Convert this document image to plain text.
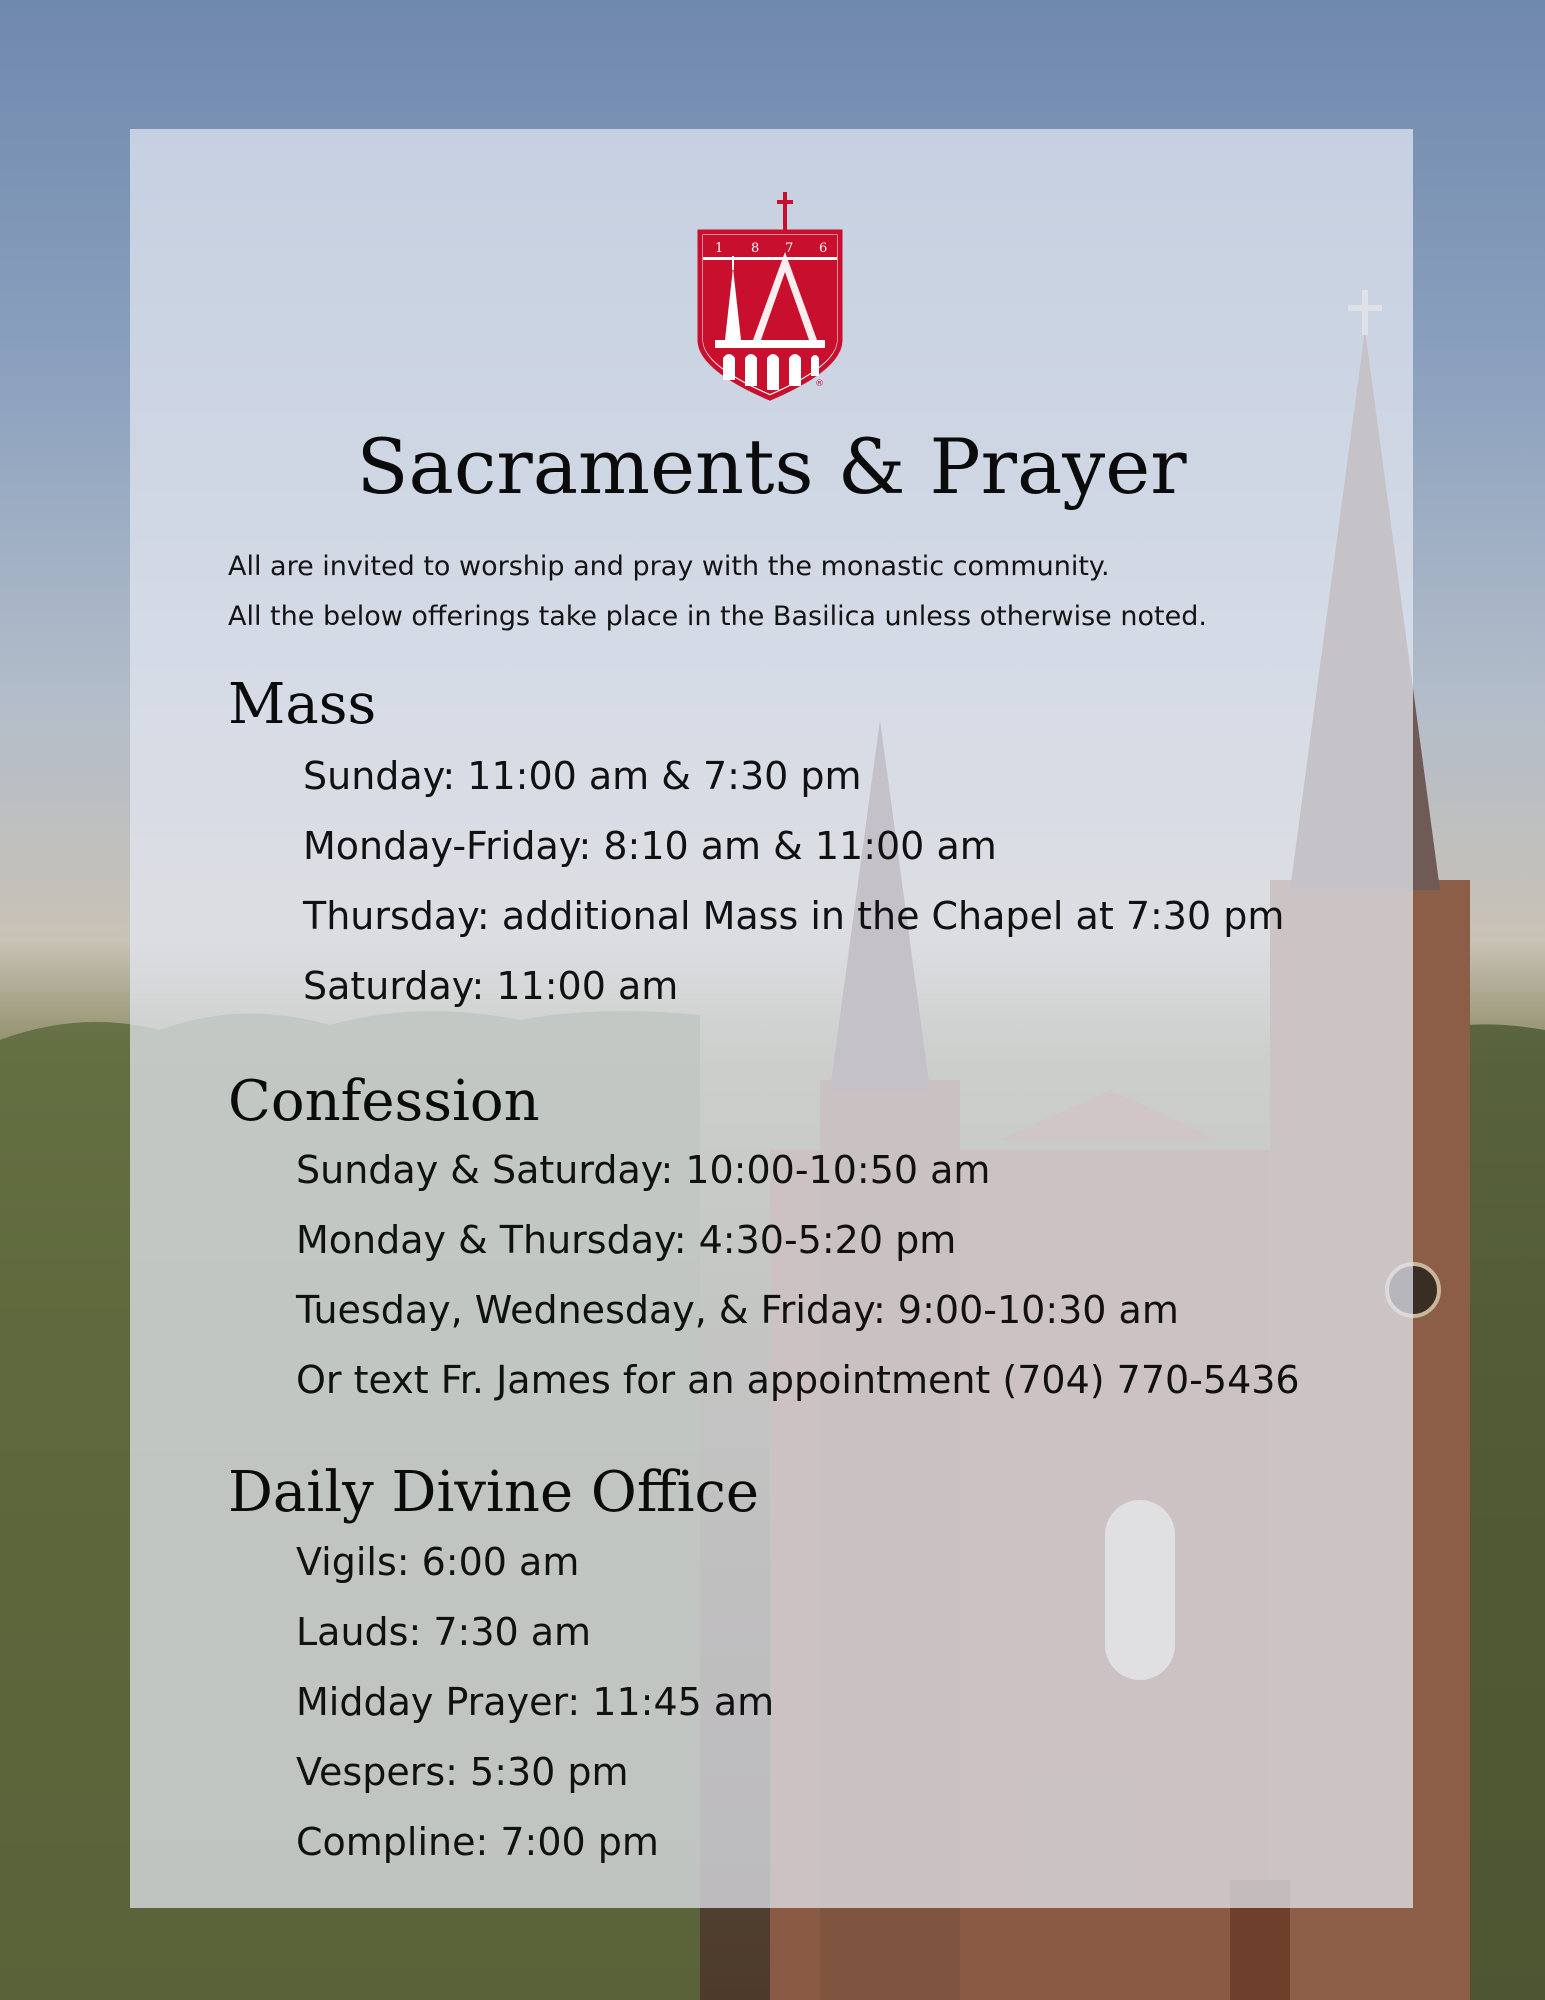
1 8 7 6
®
Sacraments & Prayer
All are invited to worship and pray with the monastic community.
All the below offerings take place in the Basilica unless otherwise noted.
Mass
Sunday: 11:00 am & 7:30 pm
Monday-Friday: 8:10 am & 11:00 am
Thursday: additional Mass in the Chapel at 7:30 pm
Saturday: 11:00 am
Confession
Sunday & Saturday: 10:00-10:50 am
Monday & Thursday: 4:30-5:20 pm
Tuesday, Wednesday, & Friday: 9:00-10:30 am
Or text Fr. James for an appointment (704) 770-5436
Daily Divine Office
Vigils: 6:00 am
Lauds: 7:30 am
Midday Prayer: 11:45 am
Vespers: 5:30 pm
Compline: 7:00 pm
